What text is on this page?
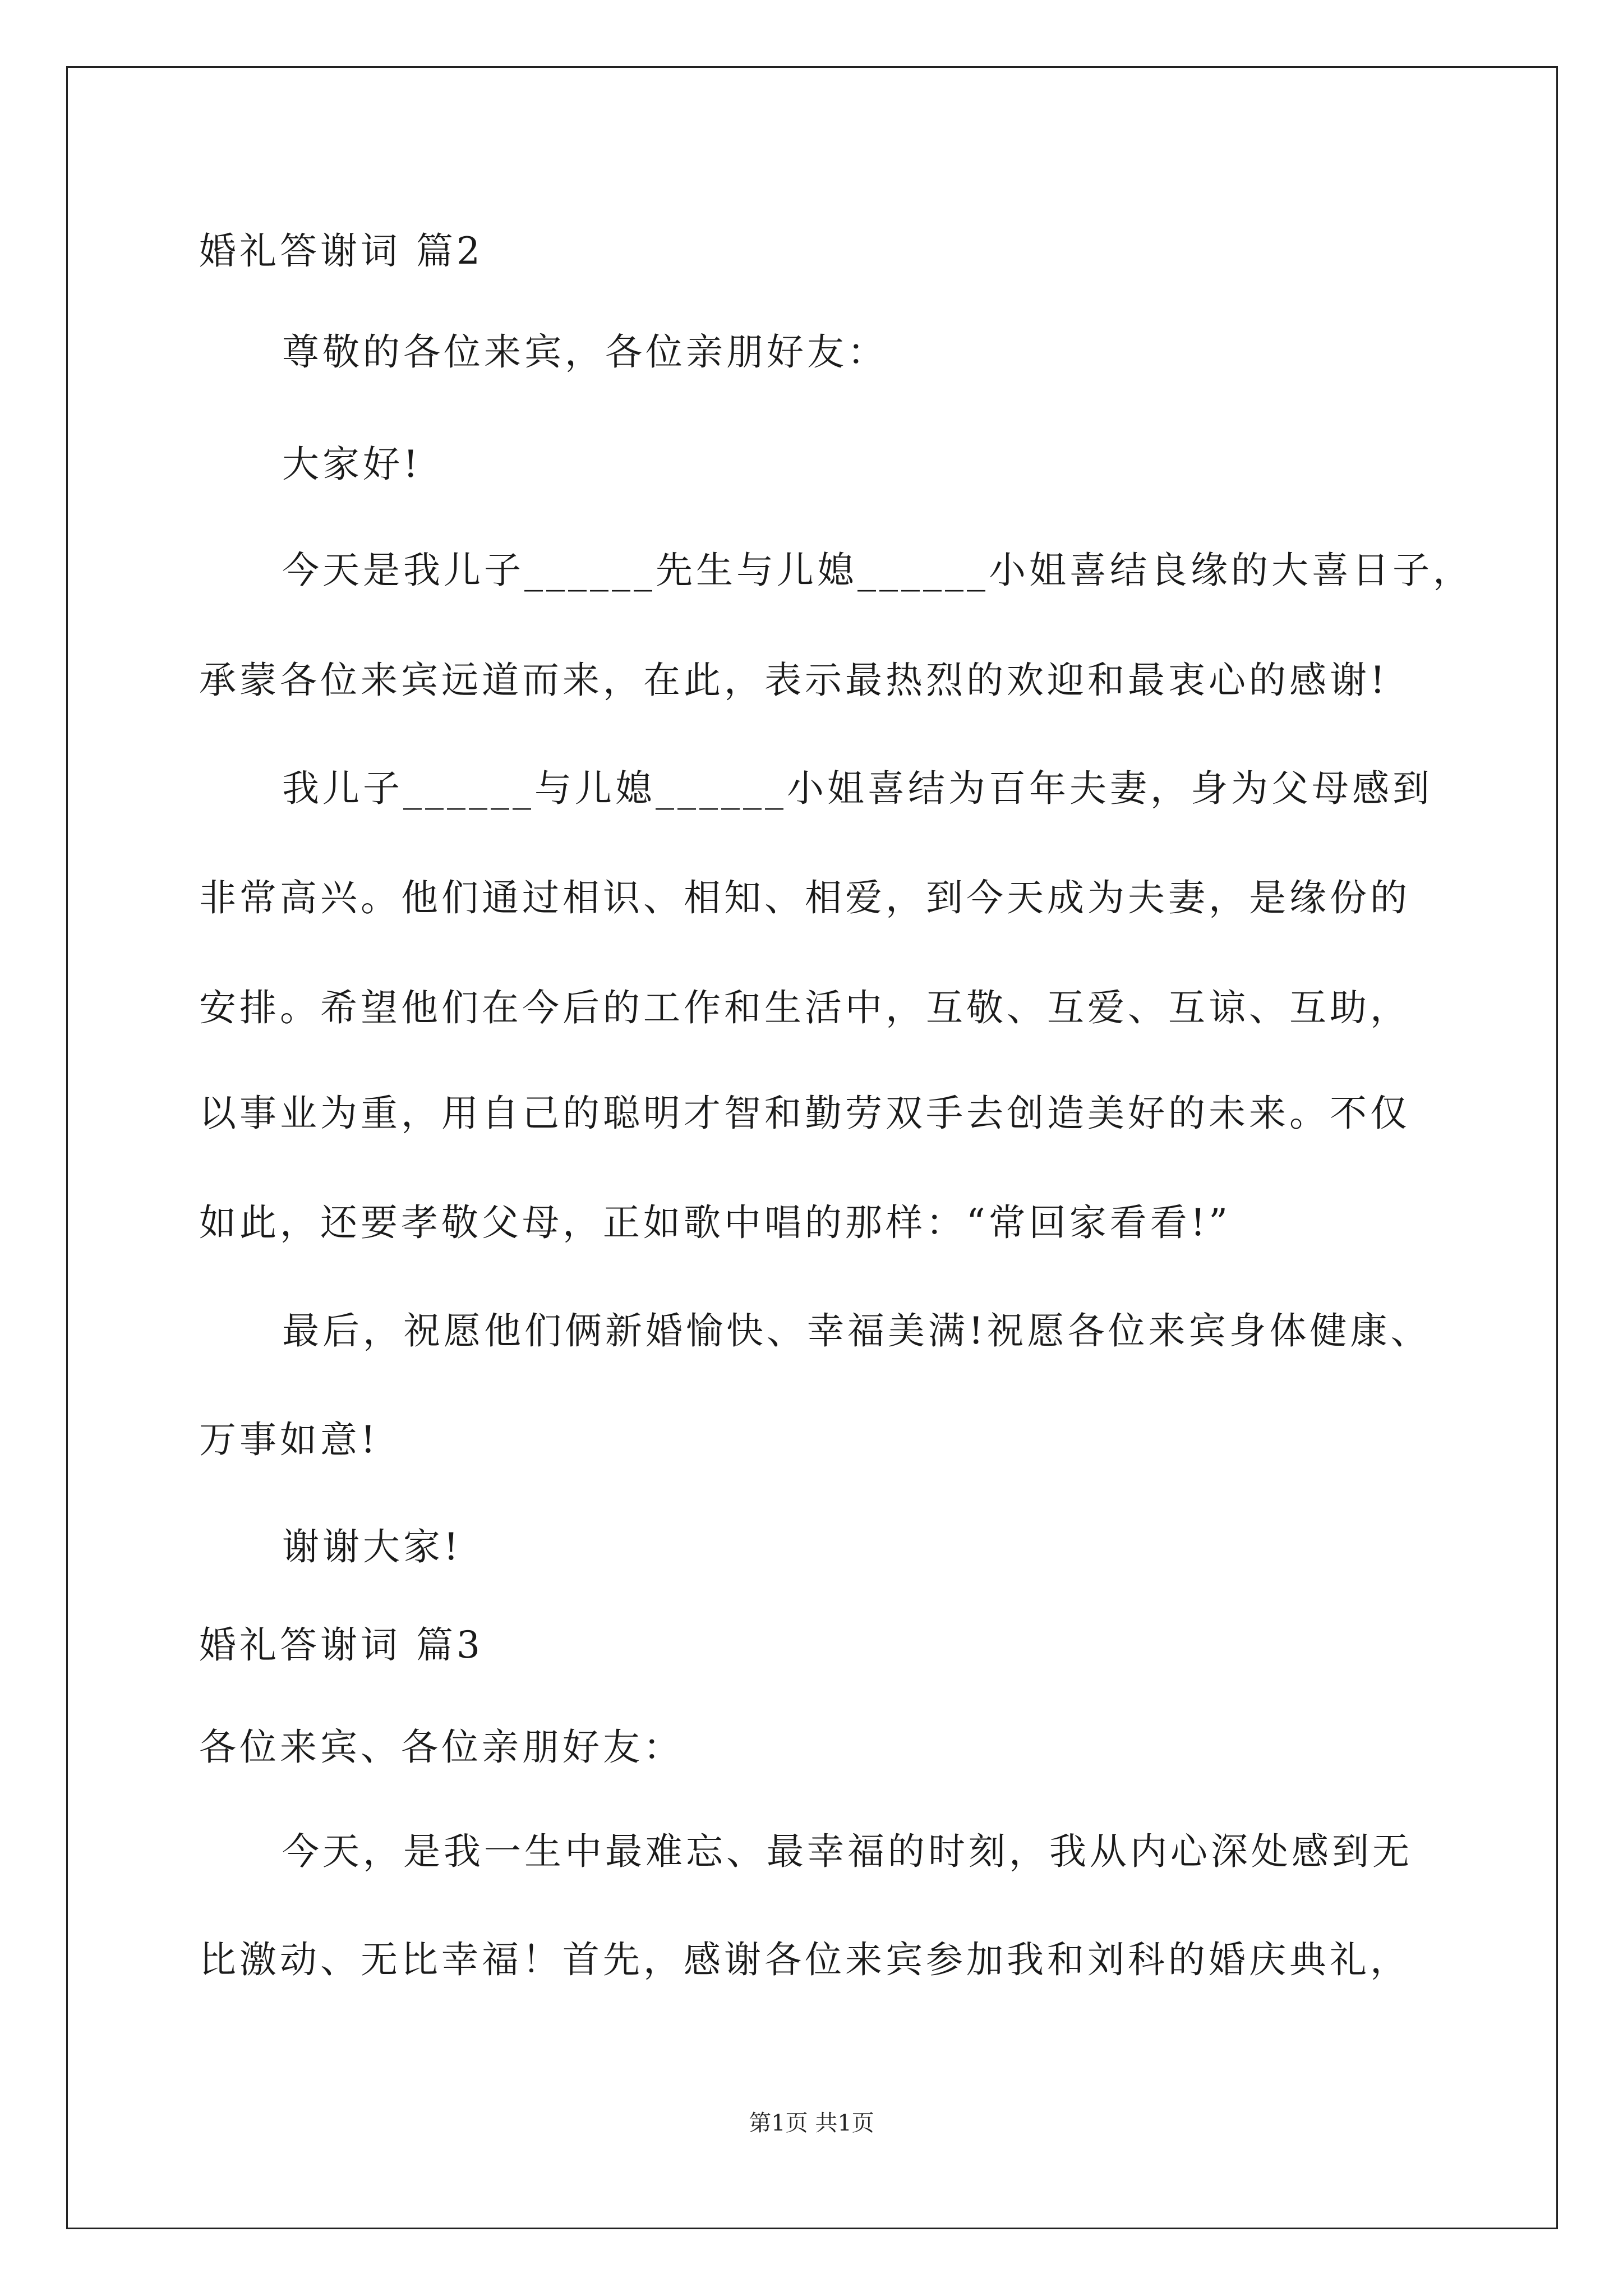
婚礼答谢词 篇2
尊敬的各位来宾，各位亲朋好友：
大家好!
今天是我儿子______先生与儿媳______小姐喜结良缘的大喜日子，
承蒙各位来宾远道而来，在此，表示最热烈的欢迎和最衷心的感谢!
我儿子______与儿媳______小姐喜结为百年夫妻，身为父母感到
非常高兴。他们通过相识、相知、相爱，到今天成为夫妻，是缘份的
安排。希望他们在今后的工作和生活中，互敬、互爱、互谅、互助，
以事业为重，用自己的聪明才智和勤劳双手去创造美好的未来。不仅
如此，还要孝敬父母，正如歌中唱的那样：“常回家看看!”
最后，祝愿他们俩新婚愉快、幸福美满!祝愿各位来宾身体健康、
万事如意!
谢谢大家!
婚礼答谢词 篇3
各位来宾、各位亲朋好友：
今天，是我一生中最难忘、最幸福的时刻，我从内心深处感到无
比激动、无比幸福！首先，感谢各位来宾参加我和刘科的婚庆典礼，
第1页 共1页
